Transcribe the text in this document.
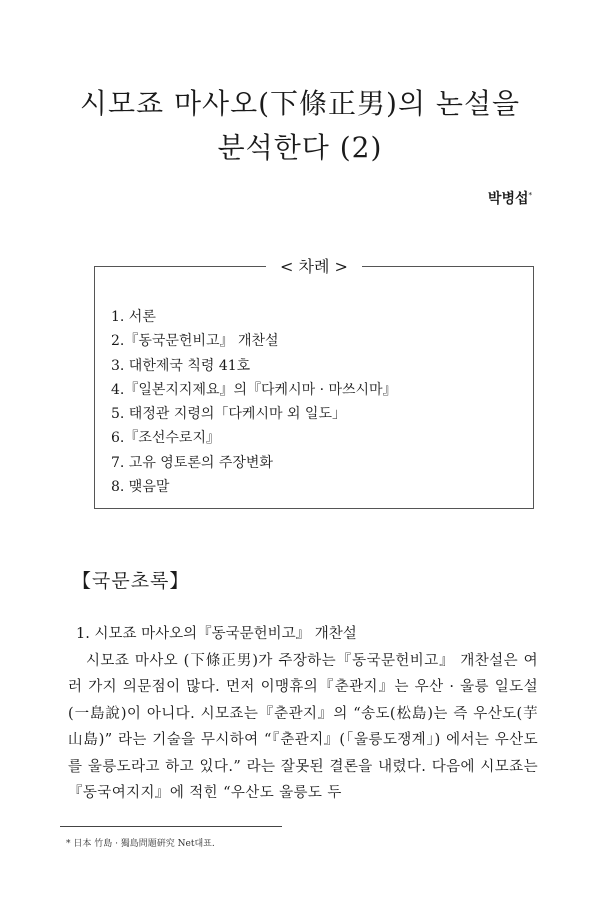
시모죠 마사오(下條正男)의 논설을
분석한다 (2)
박병섭*
< 차례 >
1. 서론
2.『동국문헌비고』 개찬설
3. 대한제국 칙령 41호
4.『일본지지제요』의『다케시마 · 마쓰시마』
5. 태정관 지령의「다케시마 외 일도」
6.『조선수로지』
7. 고유 영토론의 주장변화
8. 맺음말
【국문초록】
1. 시모죠 마사오의『동국문헌비고』 개찬설

시모죠 마사오 (下條正男)가 주장하는『동국문헌비고』 개찬설은 여러 가지 의문점이 많다. 먼저 이맹휴의『춘관지』는 우산 · 울릉 일도설(一島說)이 아니다. 시모죠는『춘관지』의 “송도(松島)는 즉 우산도(芋山島)” 라는 기술을 무시하여 “『춘관지』(「울릉도쟁계」) 에서는 우산도를 울릉도라고 하고 있다.” 라는 잘못된 결론을 내렸다. 다음에 시모죠는『동국여지지』에 적힌 “우산도 울릉도 두

* 日本 竹島 · 獨島問題硏究 Net대표.
